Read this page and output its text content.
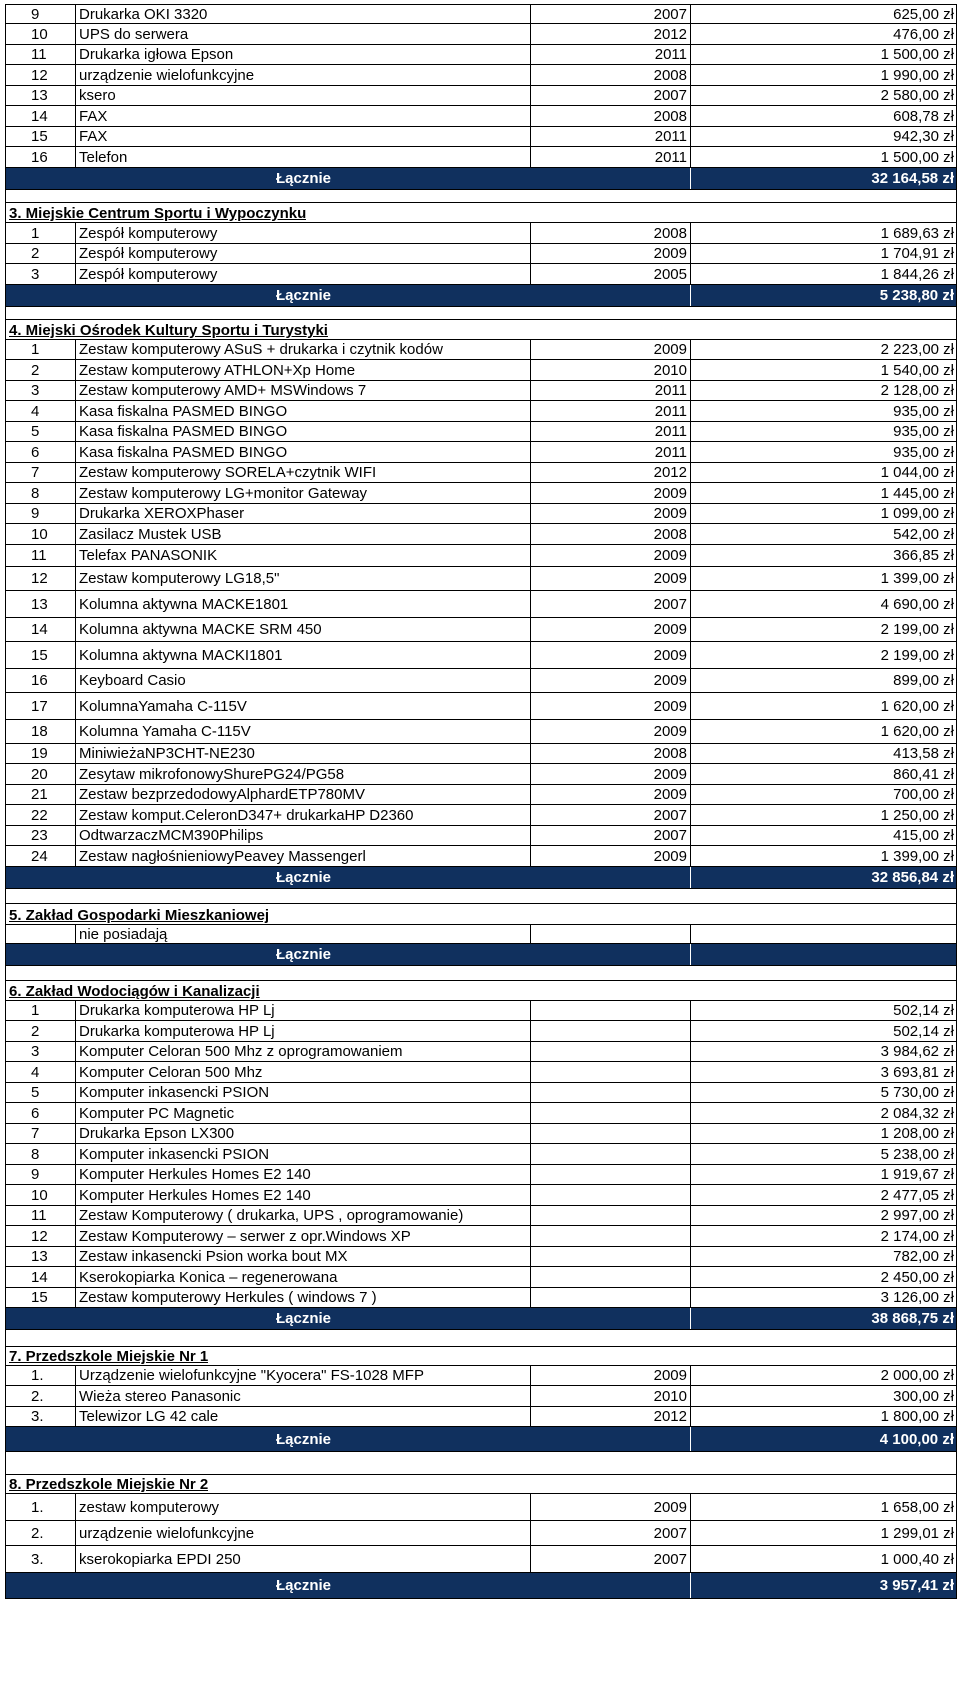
9	Drukarka OKI 3320	2007	625,00 zł
10	UPS do serwera	2012	476,00 zł
11	Drukarka igłowa Epson	2011	1 500,00 zł
12	urządzenie wielofunkcyjne	2008	1 990,00 zł
13	ksero	2007	2 580,00 zł
14	FAX	2008	608,78 zł
15	FAX	2011	942,30 zł
16	Telefon	2011	1 500,00 zł
Łącznie	32 164,58 zł
3. Miejskie Centrum Sportu i Wypoczynku
1	Zespół komputerowy	2008	1 689,63 zł
2	Zespół komputerowy	2009	1 704,91 zł
3	Zespół komputerowy	2005	1 844,26 zł
Łącznie	5 238,80 zł
4. Miejski Ośrodek Kultury Sportu i Turystyki
1	Zestaw komputerowy ASuS + drukarka i czytnik kodów	2009	2 223,00 zł
2	Zestaw komputerowy ATHLON+Xp Home	2010	1 540,00 zł
3	Zestaw komputerowy AMD+ MSWindows 7	2011	2 128,00 zł
4	Kasa fiskalna PASMED BINGO	2011	935,00 zł
5	Kasa fiskalna PASMED BINGO	2011	935,00 zł
6	Kasa fiskalna PASMED BINGO	2011	935,00 zł
7	Zestaw komputerowy SORELA+czytnik WIFI	2012	1 044,00 zł
8	Zestaw komputerowy LG+monitor Gateway	2009	1 445,00 zł
9	Drukarka XEROXPhaser	2009	1 099,00 zł
10	Zasilacz Mustek USB	2008	542,00 zł
11	Telefax PANASONIK	2009	366,85 zł
12	Zestaw komputerowy LG18,5"	2009	1 399,00 zł
13	Kolumna aktywna MACKE1801	2007	4 690,00 zł
14	Kolumna aktywna MACKE SRM 450	2009	2 199,00 zł
15	Kolumna aktywna MACKI1801	2009	2 199,00 zł
16	Keyboard Casio	2009	899,00 zł
17	KolumnaYamaha C-115V	2009	1 620,00 zł
18	Kolumna Yamaha C-115V	2009	1 620,00 zł
19	MiniwieżaNP3CHT-NE230	2008	413,58 zł
20	Zesytaw mikrofonowyShurePG24/PG58	2009	860,41 zł
21	Zestaw bezprzedodowyAlphardETP780MV	2009	700,00 zł
22	Zestaw komput.CeleronD347+ drukarkaHP D2360	2007	1 250,00 zł
23	OdtwarzaczMCM390Philips	2007	415,00 zł
24	Zestaw nagłośnieniowyPeavey Massengerl	2009	1 399,00 zł
Łącznie	32 856,84 zł
5. Zakład Gospodarki Mieszkaniowej
nie posiadają
Łącznie
6. Zakład Wodociągów i Kanalizacji
1	Drukarka komputerowa HP Lj	502,14 zł
2	Drukarka komputerowa HP Lj	502,14 zł
3	Komputer Celoran 500 Mhz z oprogramowaniem	3 984,62 zł
4	Komputer Celoran 500 Mhz	3 693,81 zł
5	Komputer inkasencki PSION	5 730,00 zł
6	Komputer PC Magnetic	2 084,32 zł
7	Drukarka Epson LX300	1 208,00 zł
8	Komputer inkasencki PSION	5 238,00 zł
9	Komputer Herkules Homes E2 140	1 919,67 zł
10	Komputer Herkules Homes E2 140	2 477,05 zł
11	Zestaw Komputerowy ( drukarka, UPS , oprogramowanie)	2 997,00 zł
12	Zestaw Komputerowy – serwer z opr.Windows XP	2 174,00 zł
13	Zestaw inkasencki Psion worka bout MX	782,00 zł
14	Kserokopiarka Konica – regenerowana	2 450,00 zł
15	Zestaw komputerowy Herkules ( windows 7 )	3 126,00 zł
Łącznie	38 868,75 zł
7. Przedszkole Miejskie Nr 1
1.	Urządzenie wielofunkcyjne "Kyocera" FS-1028 MFP	2009	2 000,00 zł
2.	Wieża stereo Panasonic	2010	300,00 zł
3.	Telewizor LG 42 cale	2012	1 800,00 zł
Łącznie	4 100,00 zł
8. Przedszkole Miejskie Nr 2
1.	zestaw komputerowy	2009	1 658,00 zł
2.	urządzenie wielofunkcyjne	2007	1 299,01 zł
3.	kserokopiarka EPDI 250	2007	1 000,40 zł
Łącznie	3 957,41 zł
